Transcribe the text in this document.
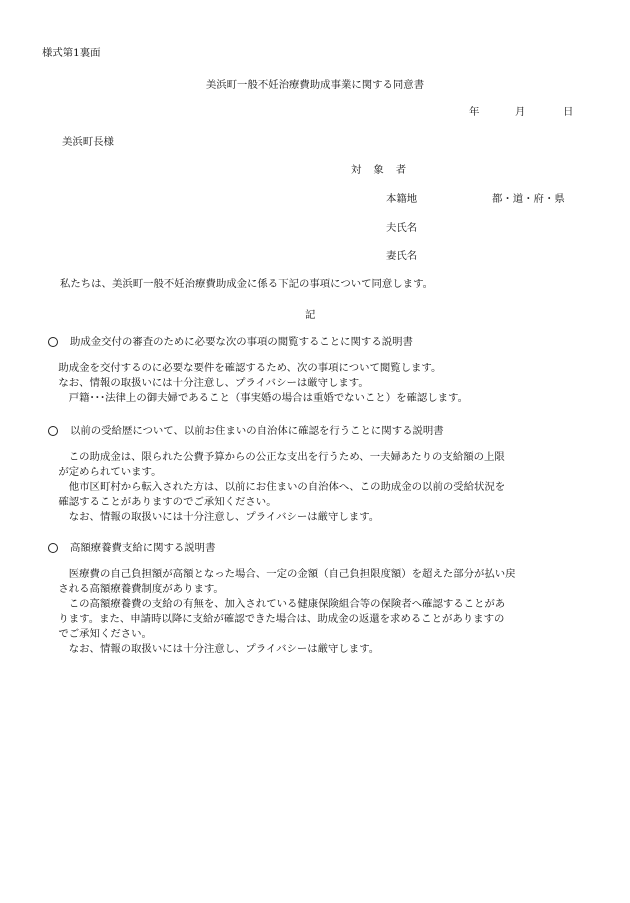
様式第1裏面
美浜町一般不妊治療費助成事業に関する同意書
年	月	日
美浜町長様
対象者
本籍地	都・道・府・県
夫氏名
妻氏名
私たちは、美浜町一般不妊治療費助成金に係る下記の事項について同意します。
記
助成金交付の審査のために必要な次の事項の閲覧することに関する説明書

　助成金を交付するのに必要な要件を確認するため、次の事項について閲覧します。

　なお、情報の取扱いには十分注意し、プライバシーは厳守します。

　　戸籍･･･法律上の御夫婦であること（事実婚の場合は重婚でないこと）を確認します。

以前の受給歴について、以前お住まいの自治体に確認を行うことに関する説明書

　　この助成金は、限られた公費予算からの公正な支出を行うため、一夫婦あたりの支給額の上限

　が定められています。

　　他市区町村から転入された方は、以前にお住まいの自治体へ、この助成金の以前の受給状況を

　確認することがありますのでご承知ください。

　　なお、情報の取扱いには十分注意し、プライバシーは厳守します。

高額療養費支給に関する説明書

　　医療費の自己負担額が高額となった場合、一定の金額（自己負担限度額）を超えた部分が払い戻

　される高額療養費制度があります。

　　この高額療養費の支給の有無を、加入されている健康保険組合等の保険者へ確認することがあ

　ります。また、申請時以降に支給が確認できた場合は、助成金の返還を求めることがありますの

　でご承知ください。

　　なお、情報の取扱いには十分注意し、プライバシーは厳守します。
